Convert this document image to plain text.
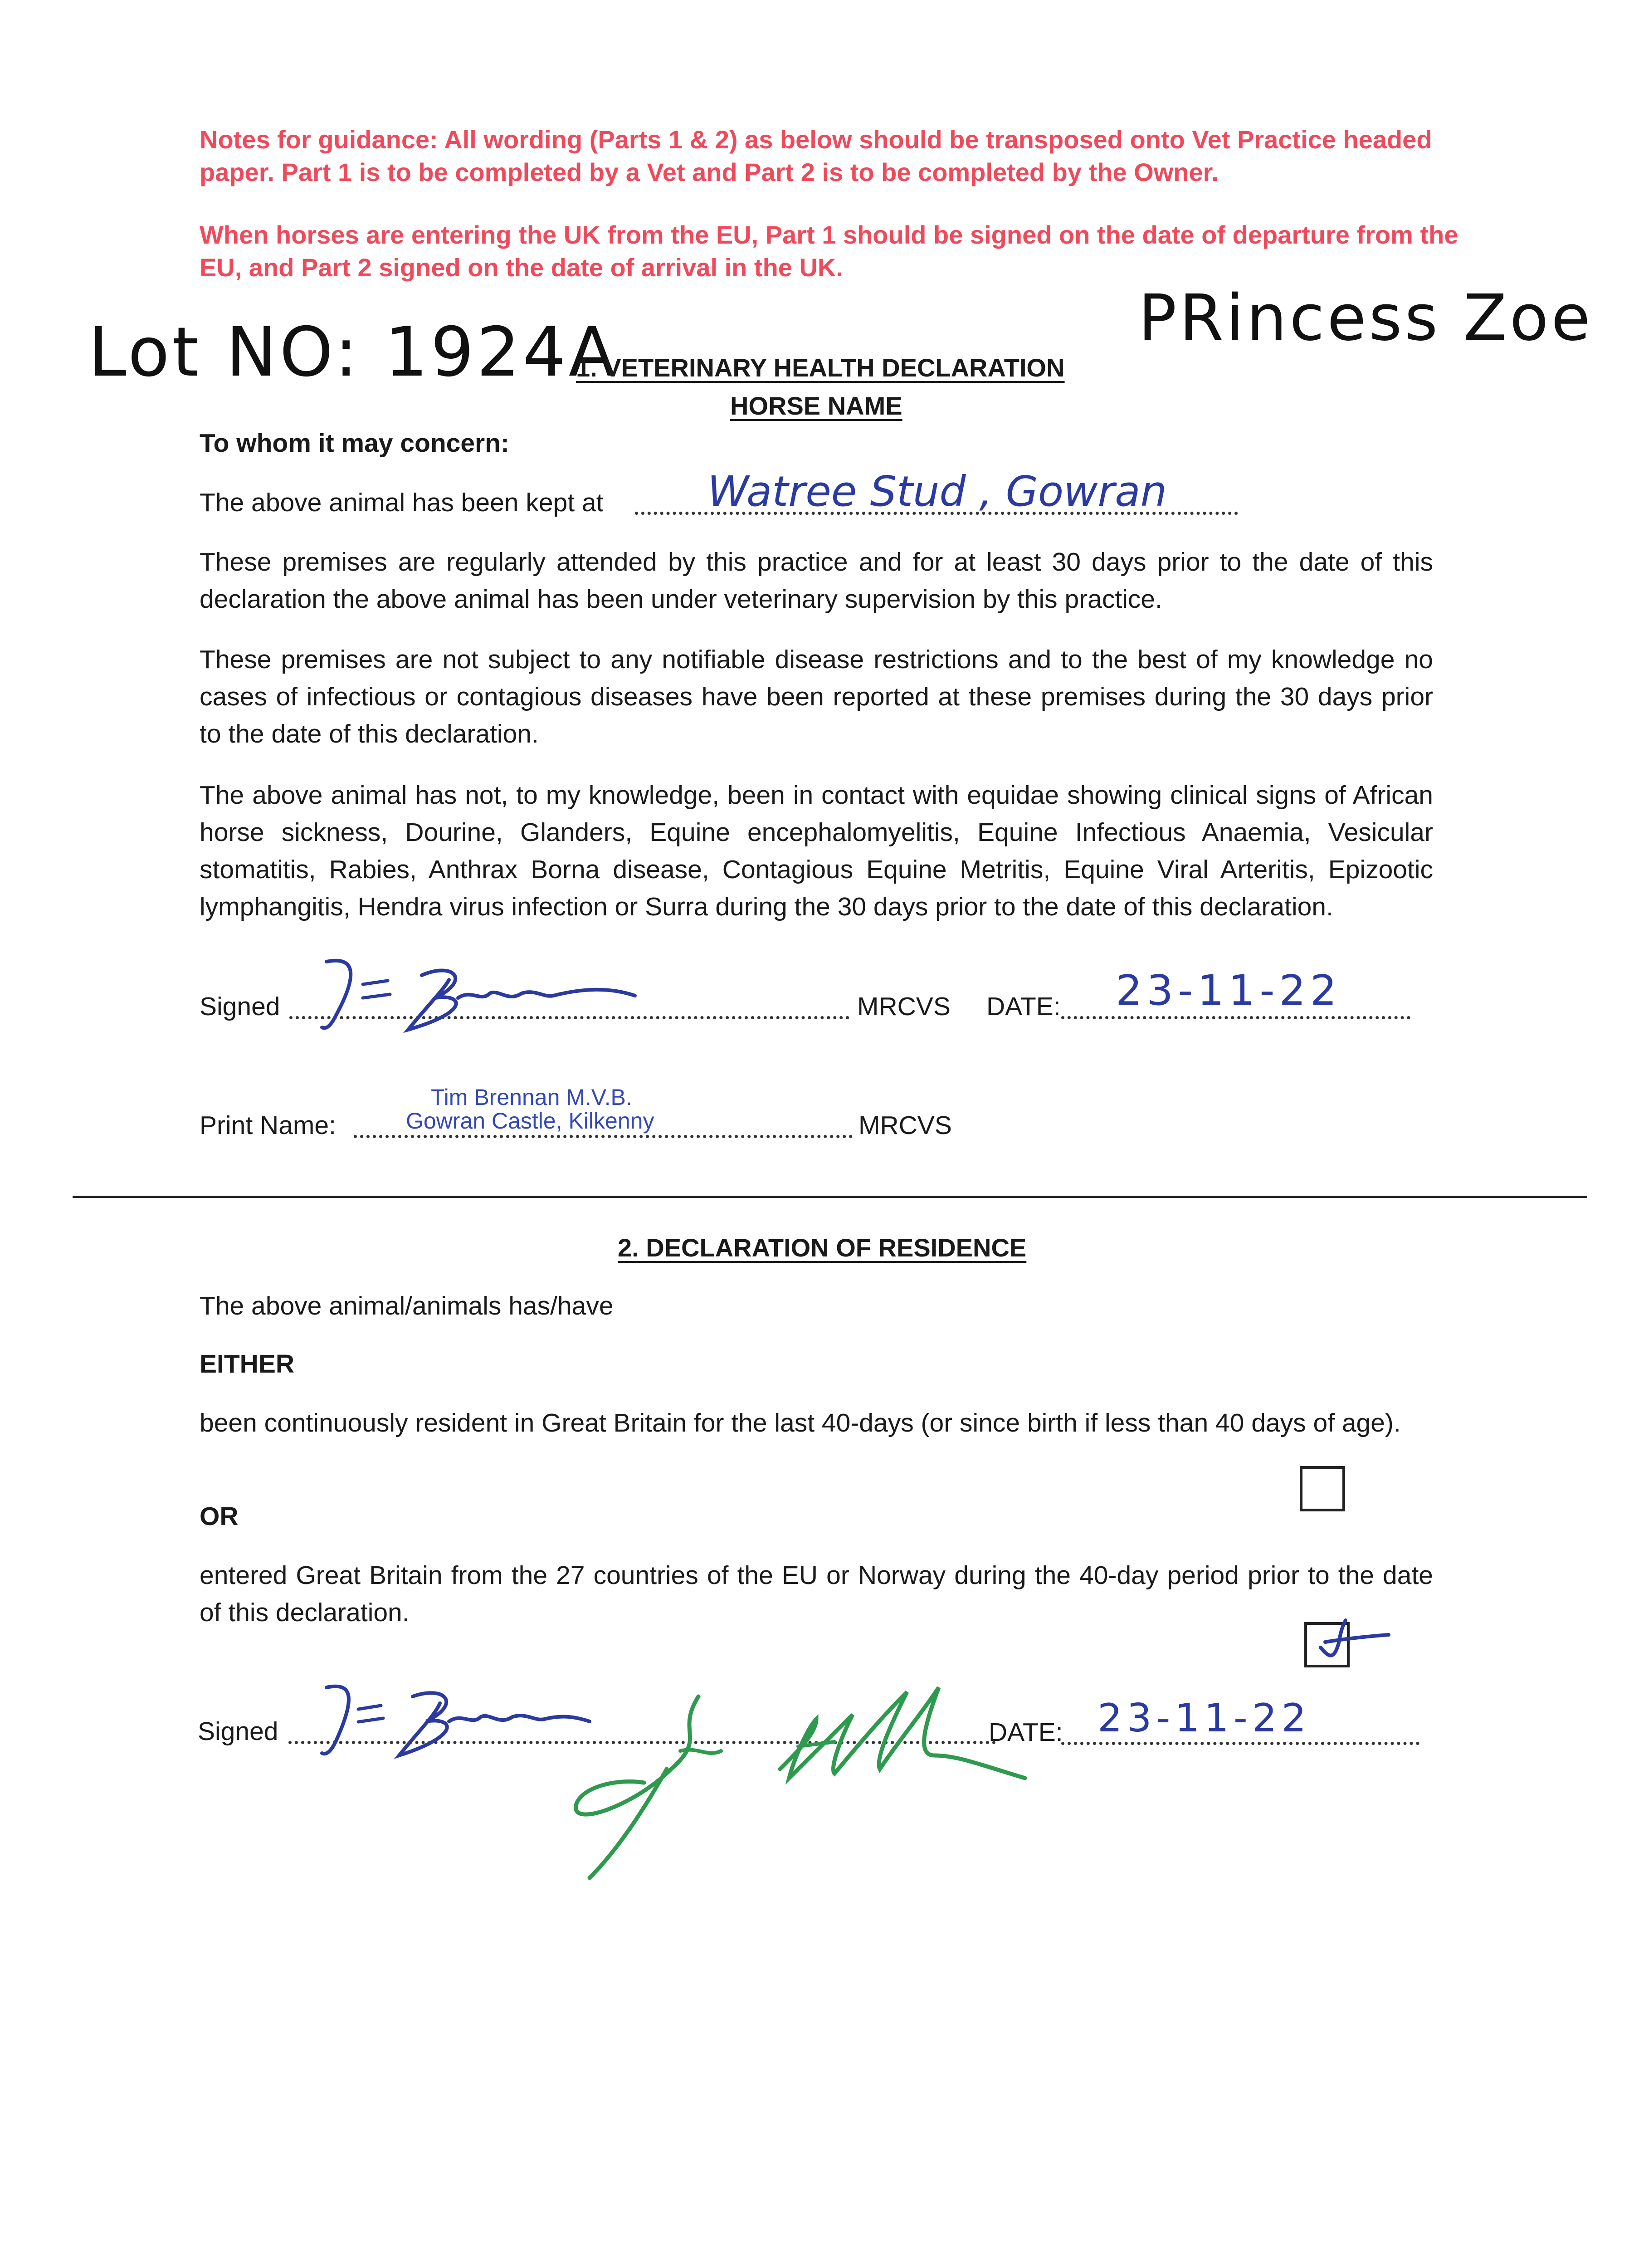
Notes for guidance: All wording (Parts 1 & 2) as below should be transposed onto Vet Practice headed paper. Part 1 is to be completed by a Vet and Part 2 is to be completed by the Owner.
When horses are entering the UK from the EU, Part 1 should be signed on the date of departure from the EU, and Part 2 signed on the date of arrival in the UK.
Lot NO: 1924A	PRincess Zoe
1. VETERINARY HEALTH DECLARATION
HORSE NAME
To whom it may concern:
The above animal has been kept at Watree Stud , Gowran
These premises are regularly attended by this practice and for at least 30 days prior to the date of this declaration the above animal has been under veterinary supervision by this practice.
These premises are not subject to any notifiable disease restrictions and to the best of my knowledge no cases of infectious or contagious diseases have been reported at these premises during the 30 days prior to the date of this declaration.
The above animal has not, to my knowledge, been in contact with equidae showing clinical signs of African horse sickness, Dourine, Glanders, Equine encephalomyelitis, Equine Infectious Anaemia, Vesicular stomatitis, Rabies, Anthrax Borna disease, Contagious Equine Metritis, Equine Viral Arteritis, Epizootic lymphangitis, Hendra virus infection or Surra during the 30 days prior to the date of this declaration.
Signed	MRCVS DATE: 23-11-22
Print Name:
Tim Brennan M.V.B.
Gowran Castle, Kilkenny	MRCVS
2. DECLARATION OF RESIDENCE
The above animal/animals has/have
EITHER
been continuously resident in Great Britain for the last 40-days (or since birth if less than 40 days of age).
OR
entered Great Britain from the 27 countries of the EU or Norway during the 40-day period prior to the date of this declaration.
Signed	DATE: 23-11-22
